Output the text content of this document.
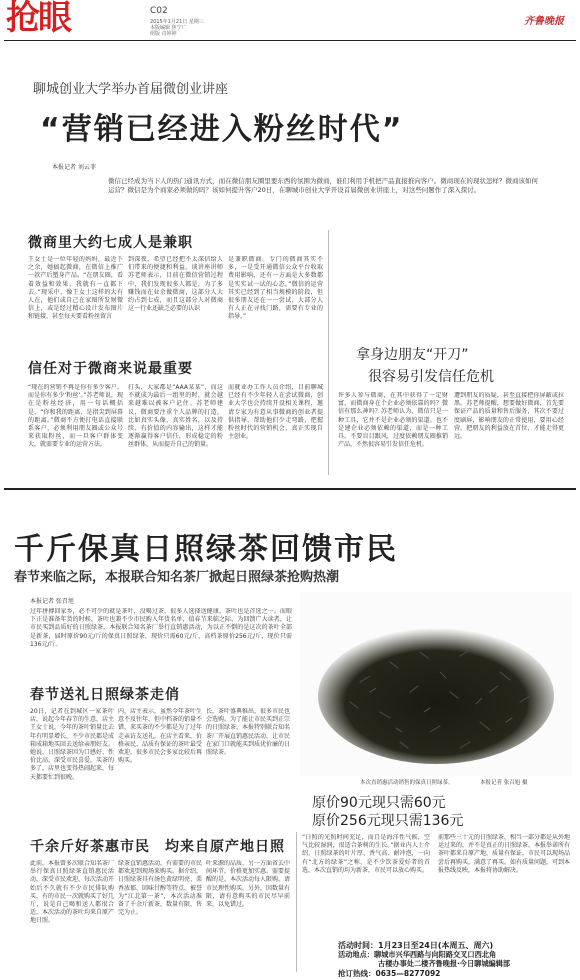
抢眼	C02
2015年1月21日 星期三
本版编辑 焦宁广
组版 肖婷婷
齐鲁晚报
聊城创业大学举办首届微创业讲座
“营销已经进入粉丝时代”
本报记者 刘云菲
微信已经成为当下人的热门通讯方式，而在微信朋友圈里要东西的氛围为微商，谁们利用手机把产品直接推向客户。微商现在的现状怎样？微商该如何运营？微信是为个商家必须做的吗？该如何提升客户20日，在聊城市创业大学开设首届微创业讲座上，对这些问题作了深入探讨。
微商里大约七成人是兼职
王女士是一位年轻的妈妈，最近下之余，她搞起微商，在微信上推广一款产后塑身产品。“在朋友圈，看着效益和效果，我就有一直都下去。”现采中，像王女士这样的大有人在，他们或自己在家图所发财微信上，或是经过精心设计发布图片和链接，甚至每天要看粉丝留言
到深夜，希望已经把不太深信给人们带来的便捷和利益。谈讲座讲师苏老师表示，目前在微信营销过程中，我们发现很多人都是，为了多赚钱而在业余做微商，这部分人大约占到七成，而且这部分人对微商这一行业还缺乏必要的认识
是兼职微商。专门的微商其实不多，一是受开通微信公众平台收取费用影响，还有一方面是大多数都是实实试一试的心态。”微信的运营其实已经到了相当规模的阶段，但很多朋友还在一一尝试，大部分人有人正在寻找门路，需要有专业的指导。”
信任对于微商来说最重要
“现在的营销不再是你有多少客户，而是你有多少‘粉丝’。”苏老师说，现在是粉丝经济，用一句话概括是，“你和我的距离，是指尖到屏幕的距离。”微商不方便打电话直接联系客户，必须利用朋友圈或公众号来获取粉丝，而一旦客户群体变大，就需要专业的运营方法。
打头，大家都是“AAA某某”，而这不就成为最后一组里的时，就会越来越难以被客户记住。苏老师建议，微商要注重个人品牌的打造，比如真实头像、真实姓名，以及持续、有价值的内容输出，这样才能逐渐赢得客户信任，形成稳定的粉丝群体，从而提升自己的销量。
而就业办工作人员介绍，目前聊城已经有不少年轻人在尝试微商，创业大学也会持续开设相关课程，邀请专家为有意从事微商的创业者提供指导，帮助他们少走弯路，把握粉丝时代的营销机会，真正实现自主创业。
拿身边朋友“开刀”
很容易引发信任危机
许多人参与微商，在其中获得了一定财富，而微商身在个企业必须依靠的吗？微信有那么神吗？苏老师认为，微信只是一种工具，它并不是企业必须的渠道。也不是建企业必须依赖的渠道，而是一种工具。不要盲目跟风，过度依赖朋友圈推销产品，不然很容易引发信任危机。
遭到朋友的质疑，甚至直接把你屏蔽或拉黑。苏老师提醒，想要做好微商，首先要保证产品的质量和售后服务，其次不要过度刷屏，影响朋友的正常使用，要用心经营，把朋友的利益放在首位，才能走得更远。
千斤保真日照绿茶回馈市民
春节来临之际，本报联合知名茶厂掀起日照绿茶抢购热潮
本报记者 张召旭
过年拼搏回家乡，必不可少的就是茶叶，没喝过茶，很多人选择送健康，茶叶也是首选之一。而眼下正是准备年货的时候，茶叶也兼不少市民购入年货名单，值春节来临之际，为回馈广大读者，让市民买到品质好的日照绿茶，本报联合知名茶厂举行直销惠活动，为以正不倒的是这次的茶叶全部是新茶，届时原价90元/斤的保真日照绿茶，现价只需60元/斤，高档茶原价256元/斤，现价只需136元/斤。
本次直销惠活动销售的保真日照绿茶。	本报记者 张召旭 摄
原价90元现只需60元
原价256元现只需136元
春节送礼日照绿茶走俏
20日，记者在到城区一家茶叶店，说起今年春节的生意，店主王女士说，今年的茶叶销量比去年有明显增长，不少市民都是成箱成箱地买回去送给亲朋好友。她说，日照绿茶因为口感好、性价比高，深受市民喜爱，买茶的多了，店里也变得热闹起来，每天都要忙到很晚。
内，店主表示，虽然今年茶叶生意不及往年，但中档茶的销量不错，来买茶的不少都是为了过年走亲访友送礼。在店主看来，价格亲民、品质有保证的茶叶最受欢迎，很多市民会多家比较后再购买。
长，茶叶盛典推出，很多市民也会选购。为了能让市民买到正宗的日照绿茶，本报特别联合知名茶厂开展直销惠民活动，让市民在家门口就能买到质优价廉的日照绿茶。
千余斤好茶惠市民　均来自原产地日照
此前，本报曾多次联合知名茶厂举行保真日照绿茶直销惠民活动，深受市民欢迎，每次活动开始后不久就有不少市民排队购买，有的市民一次就购买了好几斤，说是自己喝和送人都很合适，本次活动的茶叶均来自原产地日照。
绿茶直销惠活动，有需要的市民都欢迎到现场来购买。据介绍，日照绿茶具有汤色黄绿明亮、栗香浓郁、回味甘醇等特点，被誉为“江北第一茶”，本次活动准备了千余斤新茶，数量有限，售完为止。
叶来源的品质，另一方面省去中间环节，价格更加实惠。需要提醒的是，本次活动每人限购，请市民理性购买。另外，因数量有限，请有意购买的市民尽早前来，以免错过。
“日照的光照时间充足，而且是海洋性气候，空气比较湿润，很适合茶树的生长。”据业内人士介绍，日照绿茶的叶片厚、香气高、耐冲泡，一向有“北方的绿茶”之称，是不少饮茶爱好者的首选，本次直销的均为新茶，市民可以放心购买。
前那些三十元的日照绿茶，相当一部分都是从外地运过来的，并不是真正的日照绿茶。本报举诺所有茶叶都来自原产地，质量有保证，市民可以现场品尝后再购买，满意了再买。如有质量问题，可到本报热线反映，本报将协助解决。
活动时间：1月23日至24日(本周五、周六)
活动地点：聊城市兴华西路与向阳路交叉口西北角
古楼办事处二楼齐鲁晚报·今日聊城编辑部
抢订热线：0635—8277092
